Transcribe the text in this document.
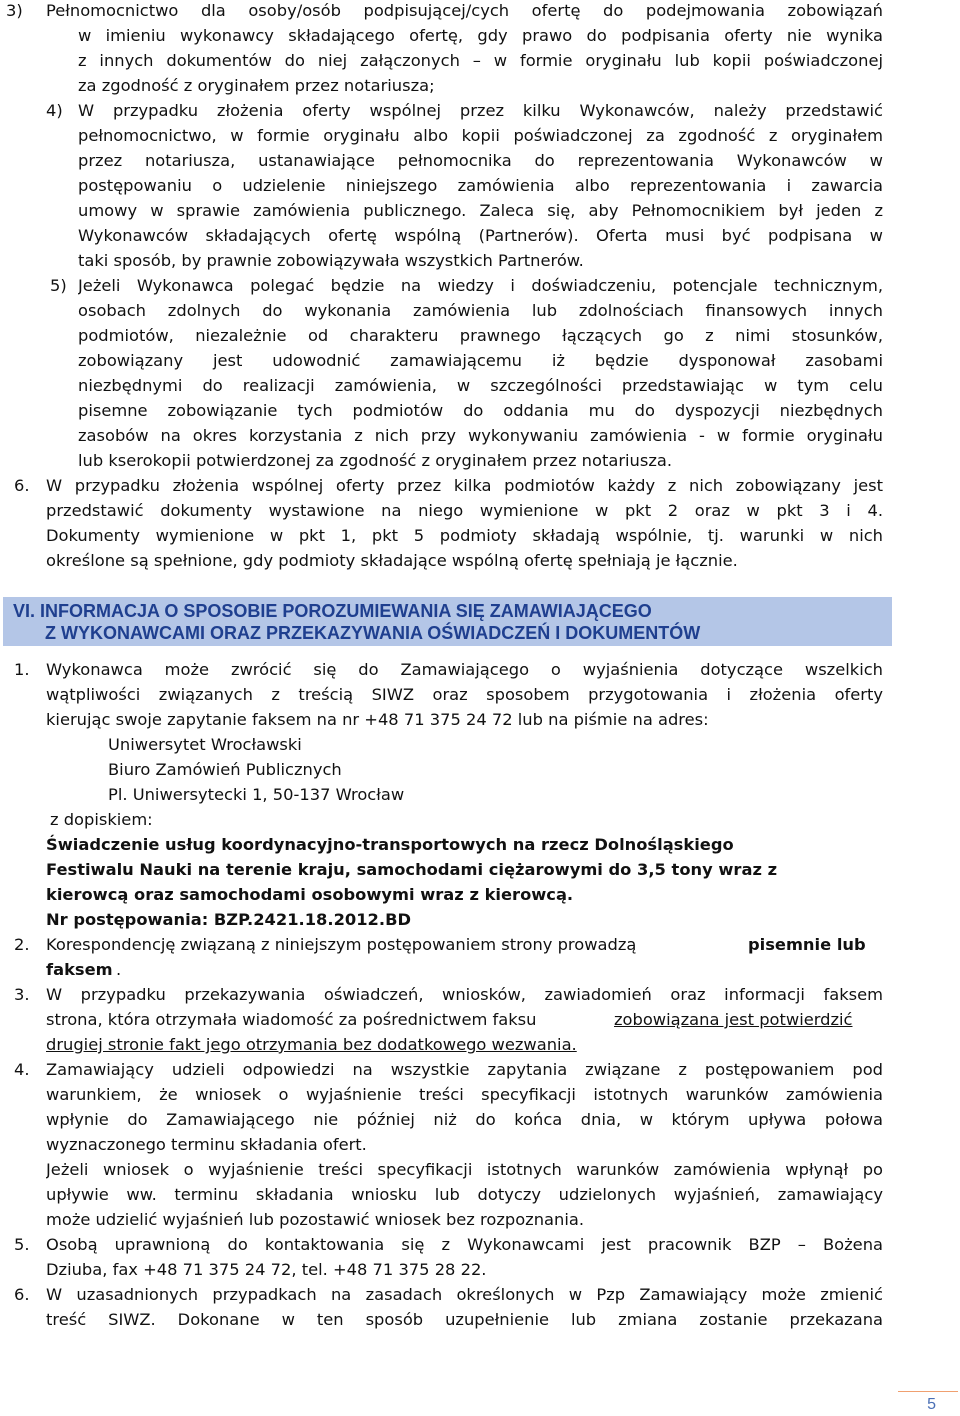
3) Pełnomocnictwo dla osoby/osób podpisującej/cych ofertę do podejmowania zobowiązań
w imieniu wykonawcy składającego ofertę, gdy prawo do podpisania oferty nie wynika
z innych dokumentów do niej załączonych – w formie oryginału lub kopii poświadczonej
za zgodność z oryginałem przez notariusza;
4) W przypadku złożenia oferty wspólnej przez kilku Wykonawców, należy przedstawić
pełnomocnictwo, w formie oryginału albo kopii poświadczonej za zgodność z oryginałem
przez notariusza, ustanawiające pełnomocnika do reprezentowania Wykonawców w
postępowaniu o udzielenie niniejszego zamówienia albo reprezentowania i zawarcia
umowy w sprawie zamówienia publicznego. Zaleca się, aby Pełnomocnikiem był jeden z
Wykonawców składających ofertę wspólną (Partnerów). Oferta musi być podpisana w
taki sposób, by prawnie zobowiązywała wszystkich Partnerów.
5) Jeżeli Wykonawca polegać będzie na wiedzy i doświadczeniu, potencjale technicznym,
osobach zdolnych do wykonania zamówienia lub zdolnościach finansowych innych
podmiotów, niezależnie od charakteru prawnego łączących go z nimi stosunków,
zobowiązany jest udowodnić zamawiającemu iż będzie dysponował zasobami
niezbędnymi do realizacji zamówienia, w szczególności przedstawiając w tym celu
pisemne zobowiązanie tych podmiotów do oddania mu do dyspozycji niezbędnych
zasobów na okres korzystania z nich przy wykonywaniu zamówienia - w formie oryginału
lub kserokopii potwierdzonej za zgodność z oryginałem przez notariusza.
6. W przypadku złożenia wspólnej oferty przez kilka podmiotów każdy z nich zobowiązany jest
przedstawić dokumenty wystawione na niego wymienione w pkt 2 oraz w pkt 3 i 4.
Dokumenty wymienione w pkt 1, pkt 5 podmioty składają wspólnie, tj. warunki w nich
określone są spełnione, gdy podmioty składające wspólną ofertę spełniają je łącznie.
VI. INFORMACJA O SPOSOBIE POROZUMIEWANIA SIĘ ZAMAWIAJĄCEGO
Z WYKONAWCAMI ORAZ PRZEKAZYWANIA OŚWIADCZEŃ I DOKUMENTÓW
1. Wykonawca może zwrócić się do Zamawiającego o wyjaśnienia dotyczące wszelkich
wątpliwości związanych z treścią SIWZ oraz sposobem przygotowania i złożenia oferty
kierując swoje zapytanie faksem na nr +48 71 375 24 72 lub na piśmie na adres:
Uniwersytet Wrocławski
Biuro Zamówień Publicznych
Pl. Uniwersytecki 1, 50-137 Wrocław
z dopiskiem:
Świadczenie usług koordynacyjno-transportowych na rzecz Dolnośląskiego
Festiwalu Nauki na terenie kraju, samochodami ciężarowymi do 3,5 tony wraz z
kierowcą oraz samochodami osobowymi wraz z kierowcą.
Nr postępowania: BZP.2421.18.2012.BD
2. Korespondencję związaną z niniejszym postępowaniem strony prowadzą	pisemnie lub
faksem .
3. W przypadku przekazywania oświadczeń, wniosków, zawiadomień oraz informacji faksem
strona, która otrzymała wiadomość za pośrednictwem faksu	zobowiązana jest potwierdzić
drugiej stronie fakt jego otrzymania bez dodatkowego wezwania.
4. Zamawiający udzieli odpowiedzi na wszystkie zapytania związane z postępowaniem pod
warunkiem, że wniosek o wyjaśnienie treści specyfikacji istotnych warunków zamówienia
wpłynie do Zamawiającego nie później niż do końca dnia, w którym upływa połowa
wyznaczonego terminu składania ofert.
Jeżeli wniosek o wyjaśnienie treści specyfikacji istotnych warunków zamówienia wpłynął po
upływie ww. terminu składania wniosku lub dotyczy udzielonych wyjaśnień, zamawiający
może udzielić wyjaśnień lub pozostawić wniosek bez rozpoznania.
5. Osobą uprawnioną do kontaktowania się z Wykonawcami jest pracownik BZP – Bożena
Dziuba, fax +48 71 375 24 72, tel. +48 71 375 28 22.
6. W uzasadnionych przypadkach na zasadach określonych w Pzp Zamawiający może zmienić
treść SIWZ. Dokonane w ten sposób uzupełnienie lub zmiana zostanie przekazana
5
